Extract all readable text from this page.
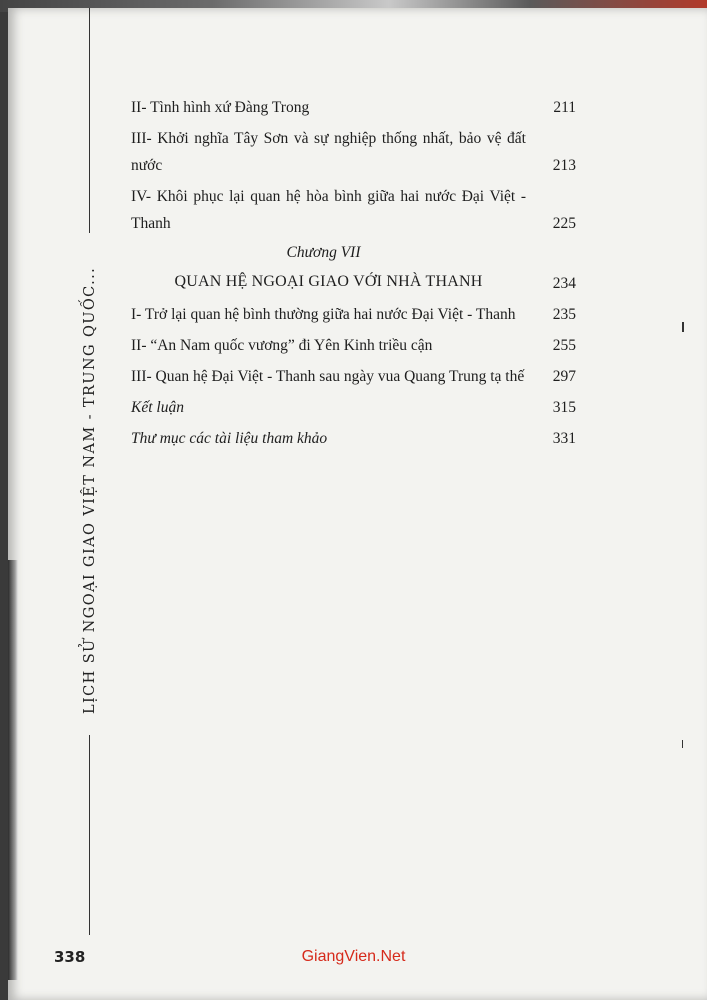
LỊCH SỬ NGOẠI GIAO VIỆT NAM - TRUNG QUỐC...
II- Tình hình xứ Đàng Trong	211
III- Khởi nghĩa Tây Sơn và sự nghiệp thống nhất, bảo vệ đất nước	213
IV- Khôi phục lại quan hệ hòa bình giữa hai nước Đại Việt - Thanh	225
Chương VII
QUAN HỆ NGOẠI GIAO VỚI NHÀ THANH	234
I- Trở lại quan hệ bình thường giữa hai nước Đại Việt - Thanh	235
II- “An Nam quốc vương” đi Yên Kinh triều cận	255
III- Quan hệ Đại Việt - Thanh sau ngày vua Quang Trung tạ thế 297
Kết luận	315
Thư mục các tài liệu tham khảo	331
338	GiangVien.Net
